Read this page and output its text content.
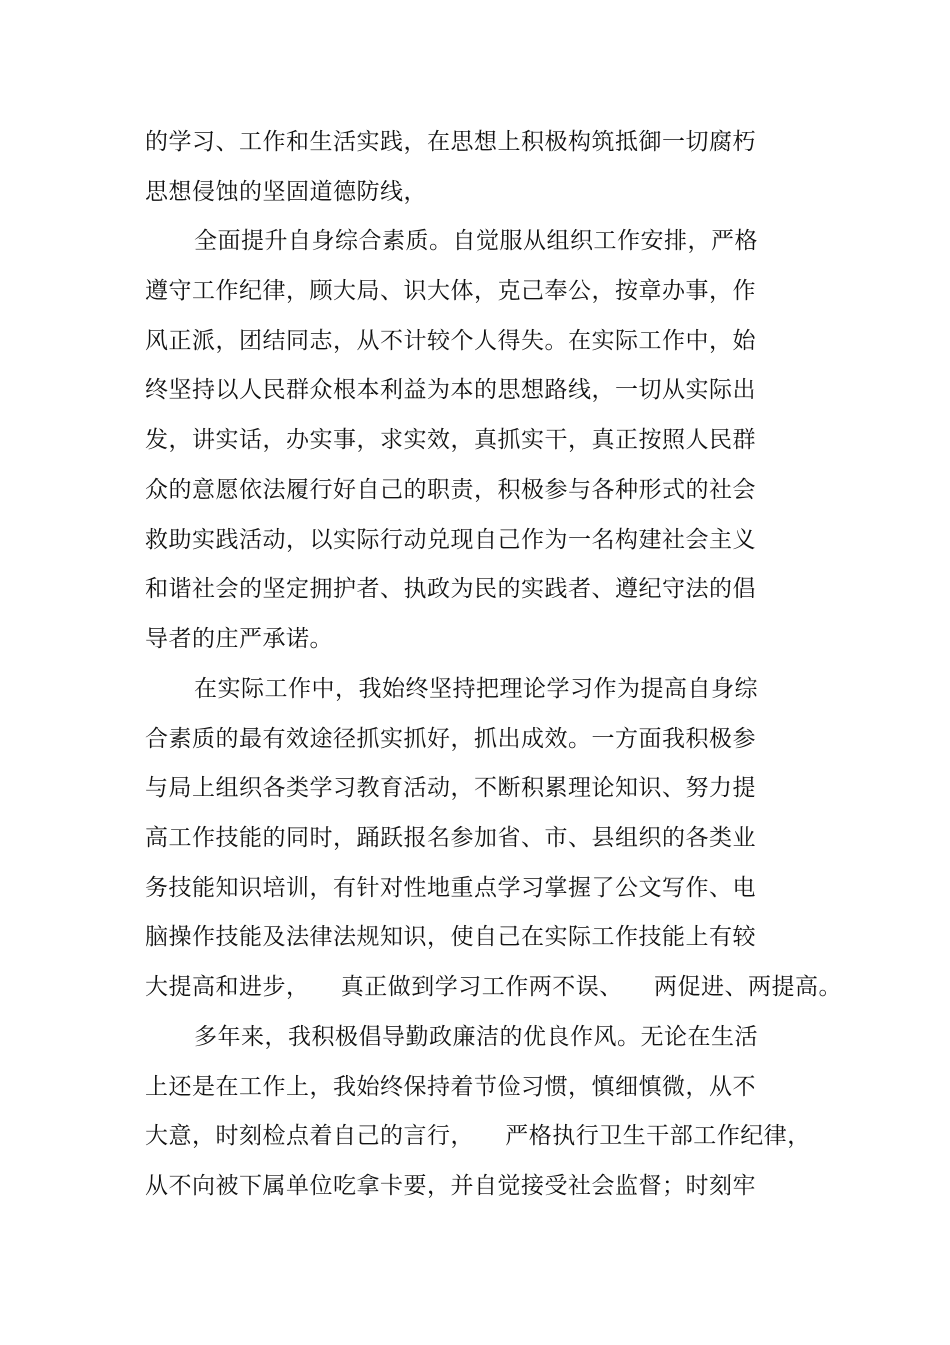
的学习、工作和生活实践，在思想上积极构筑抵御一切腐朽
思想侵蚀的坚固道德防线，
全面提升自身综合素质。自觉服从组织工作安排，严格
遵守工作纪律，顾大局、识大体，克己奉公，按章办事，作
风正派，团结同志，从不计较个人得失。在实际工作中，始
终坚持以人民群众根本利益为本的思想路线，一切从实际出
发，讲实话，办实事，求实效，真抓实干，真正按照人民群
众的意愿依法履行好自己的职责，积极参与各种形式的社会
救助实践活动，以实际行动兑现自己作为一名构建社会主义
和谐社会的坚定拥护者、执政为民的实践者、遵纪守法的倡
导者的庄严承诺。
在实际工作中，我始终坚持把理论学习作为提高自身综
合素质的最有效途径抓实抓好，抓出成效。一方面我积极参
与局上组织各类学习教育活动，不断积累理论知识、努力提
高工作技能的同时，踊跃报名参加省、市、县组织的各类业
务技能知识培训，有针对性地重点学习掌握了公文写作、电
脑操作技能及法律法规知识，使自己在实际工作技能上有较
大提高和进步，    真正做到学习工作两不误、    两促进、两提高。
多年来，我积极倡导勤政廉洁的优良作风。无论在生活
上还是在工作上，我始终保持着节俭习惯，慎细慎微，从不
大意，时刻检点着自己的言行，    严格执行卫生干部工作纪律，
从不向被下属单位吃拿卡要，并自觉接受社会监督；时刻牢
